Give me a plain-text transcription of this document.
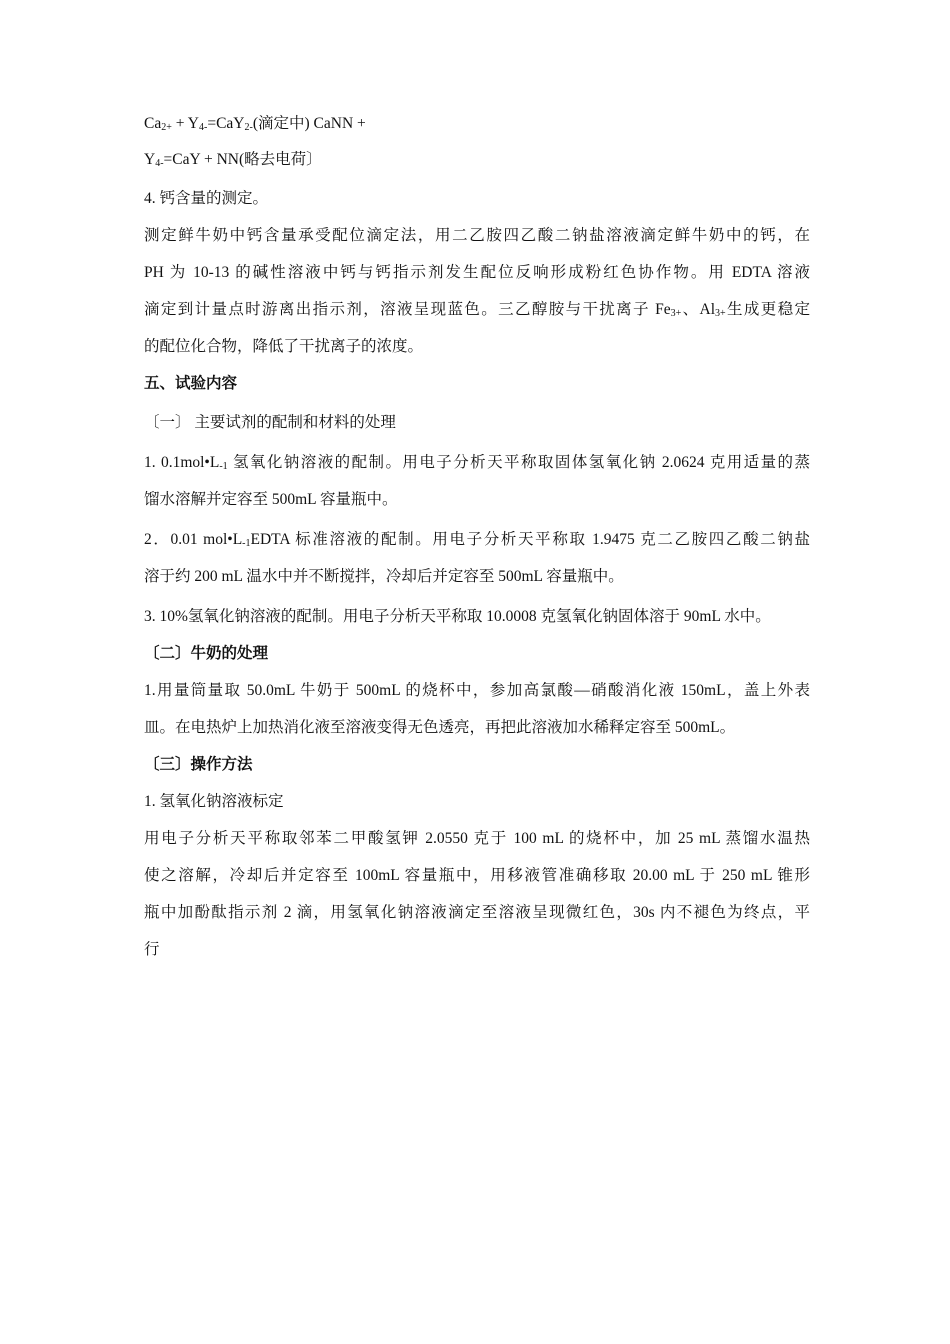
$Ca_{2+} + Y_{4-}=CaY_{2-}$(滴定中) CaNN +
$Y_{4-}=CaY + NN$(略去电荷〕
4. 钙含量的测定。
测定鲜牛奶中钙含量承受配位滴定法，用二乙胺四乙酸二钠盐溶液滴定鲜牛奶中的钙，在
PH 为 10-13 的碱性溶液中钙与钙指示剂发生配位反响形成粉红色协作物。用 EDTA 溶液
滴定到计量点时游离出指示剂，溶液呈现蓝色。三乙醇胺与干扰离子 $Fe_{3+}$、$Al_{3+}$生成更稳定
的配位化合物，降低了干扰离子的浓度。
五、试验内容
〔一〕 主要试剂的配制和材料的处理
1. $0.1mol•L_{-1}$ 氢氧化钠溶液的配制。用电子分析天平称取固体氢氧化钠 2.0624 克用适量的蒸
馏水溶解并定容至 500mL 容量瓶中。
2．0.01 $mol•L_{-1}EDTA$ 标准溶液的配制。用电子分析天平称取 1.9475 克二乙胺四乙酸二钠盐
溶于约 200 mL 温水中并不断搅拌，冷却后并定容至 500mL 容量瓶中。
3. 10%氢氧化钠溶液的配制。用电子分析天平称取 10.0008 克氢氧化钠固体溶于 90mL 水中。
〔二〕牛奶的处理
1.用量筒量取 50.0mL 牛奶于 500mL 的烧杯中，参加高氯酸—硝酸消化液 150mL，盖上外表
皿。在电热炉上加热消化液至溶液变得无色透亮，再把此溶液加水稀释定容至 500mL。
〔三〕操作方法
1. 氢氧化钠溶液标定
用电子分析天平称取邻苯二甲酸氢钾 2.0550 克于 100 mL 的烧杯中，加 25 mL 蒸馏水温热
使之溶解，冷却后并定容至 100mL 容量瓶中，用移液管准确移取 20.00 mL 于 250 mL 锥形
瓶中加酚酞指示剂 2 滴，用氢氧化钠溶液滴定至溶液呈现微红色，30s 内不褪色为终点，平
行
